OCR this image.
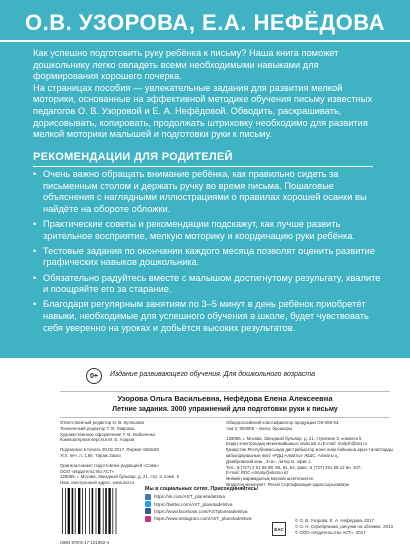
О.В. УЗОРОВА, Е.А. НЕФЁДОВА

Как успешно подготовить руку ребёнка к письму? Наша книга поможет дошкольнику легко овладеть всеми необходимыми навыками для формирования хорошего почерка.

На страницах пособия — увлекательные задания для развития мелкой моторики, основанные на эффективной методике обучения письму известных педагогов О. В. Узоровой и Е. А. Нефёдовой. Обводить, раскрашивать, дорисовывать, копировать, продолжать штриховку необходимо для развития мелкой моторики малышей и подготовки руки к письму.

РЕКОМЕНДАЦИИ ДЛЯ РОДИТЕЛЕЙ
• Очень важно обращать внимание ребёнка, как правильно сидеть за письменным столом и держать ручку во время письма. Пошаговые объяснения с наглядными иллюстрациями о правилах хорошей осанки вы найдёте на обороте обложки.
• Практические советы и рекомендации подскажут, как лучше развить зрительное восприятие, мелкую моторику и координацию руки ребёнка.
• Тестовые задания по окончании каждого месяца позволят оценить развитие графических навыков дошкольника.
• Обязательно радуйтесь вместе с малышом достигнутому результату, хвалите и поощряйте его за старание.
• Благодаря регулярным занятиям по 3–5 минут в день ребёнок приобретёт навыки, необходимые для успешного обучения в школе, будет чувствовать себя уверенно на уроках и добьётся высоких результатов.
0+	Издание развивающего обучения. Для дошкольного возраста
Узорова Ольга Васильевна, Нефёдова Елена Алексеевна
Летние задания. 3000 упражнений для подготовки руки к письму
Ответственный редактор О. В. Кулешова
Технический редактор Т. В. Лаврова
Художественное оформление Т. В. Любиченко
Компьютерная верстка М. Е. Азаров
Подписано в печать 20.02.2017. Формат 60x84/8
Усл. печ. л. 1,86. Тираж Заказ
Оригинал-макет подготовлен редакцией «Сова»
ООО «Издательство АСТ»
129085, г. Москва, Звездный бульвар, д. 21, стр. 3, комн. 5
Наш электронный адрес: www.ast.ru
Общероссийский классификатор продукции ОК-005-93,
том 2; 953000 – книги, брошюры
129085, г. Москва, Звездный бульвар, д. 21, строение 3, комната 5
Біздің электрондық мекенжайымыз: www.ast.ru E-mail: malysh@ast.ru
Қазақстан Республикасында дистрибьютор және өнім бойынша арыз-талаптарды
қабылдаушының өкілі «РДЦ-Алматы» ЖШС, Алматы қ.,
Домбровский көш., 3«а», литер Б, офис 1.
Тел.: 8 (727) 2 51 59 89, 90, 91, 92, факс: 8 (727) 251 58 12 вн. 107;
E-mail: RDC-Almaty@eksmo.kz
Өнімнің жарамдылық мерзімі шектелмеген
Өндірген мемлекет: Ресей Сертификация қарастырылмаған
ISBN 978-5-17-101962-4
Мы в социальных сетях. Присоединяйтесь!
https://vk.com/AST_planetadetstva
https://twitter.com/AST_planetadetstva
https://www.facebook.com/ASTplanetadetstva
https://www.instagram.com/AST_planetadetstva
EAC
© О. В. Узорова, Е. А. Нефёдова, 2017
© О. Н. Серебрякова, рисунки на обложке, 2013
© ООО «Издательство АСТ», 2017
